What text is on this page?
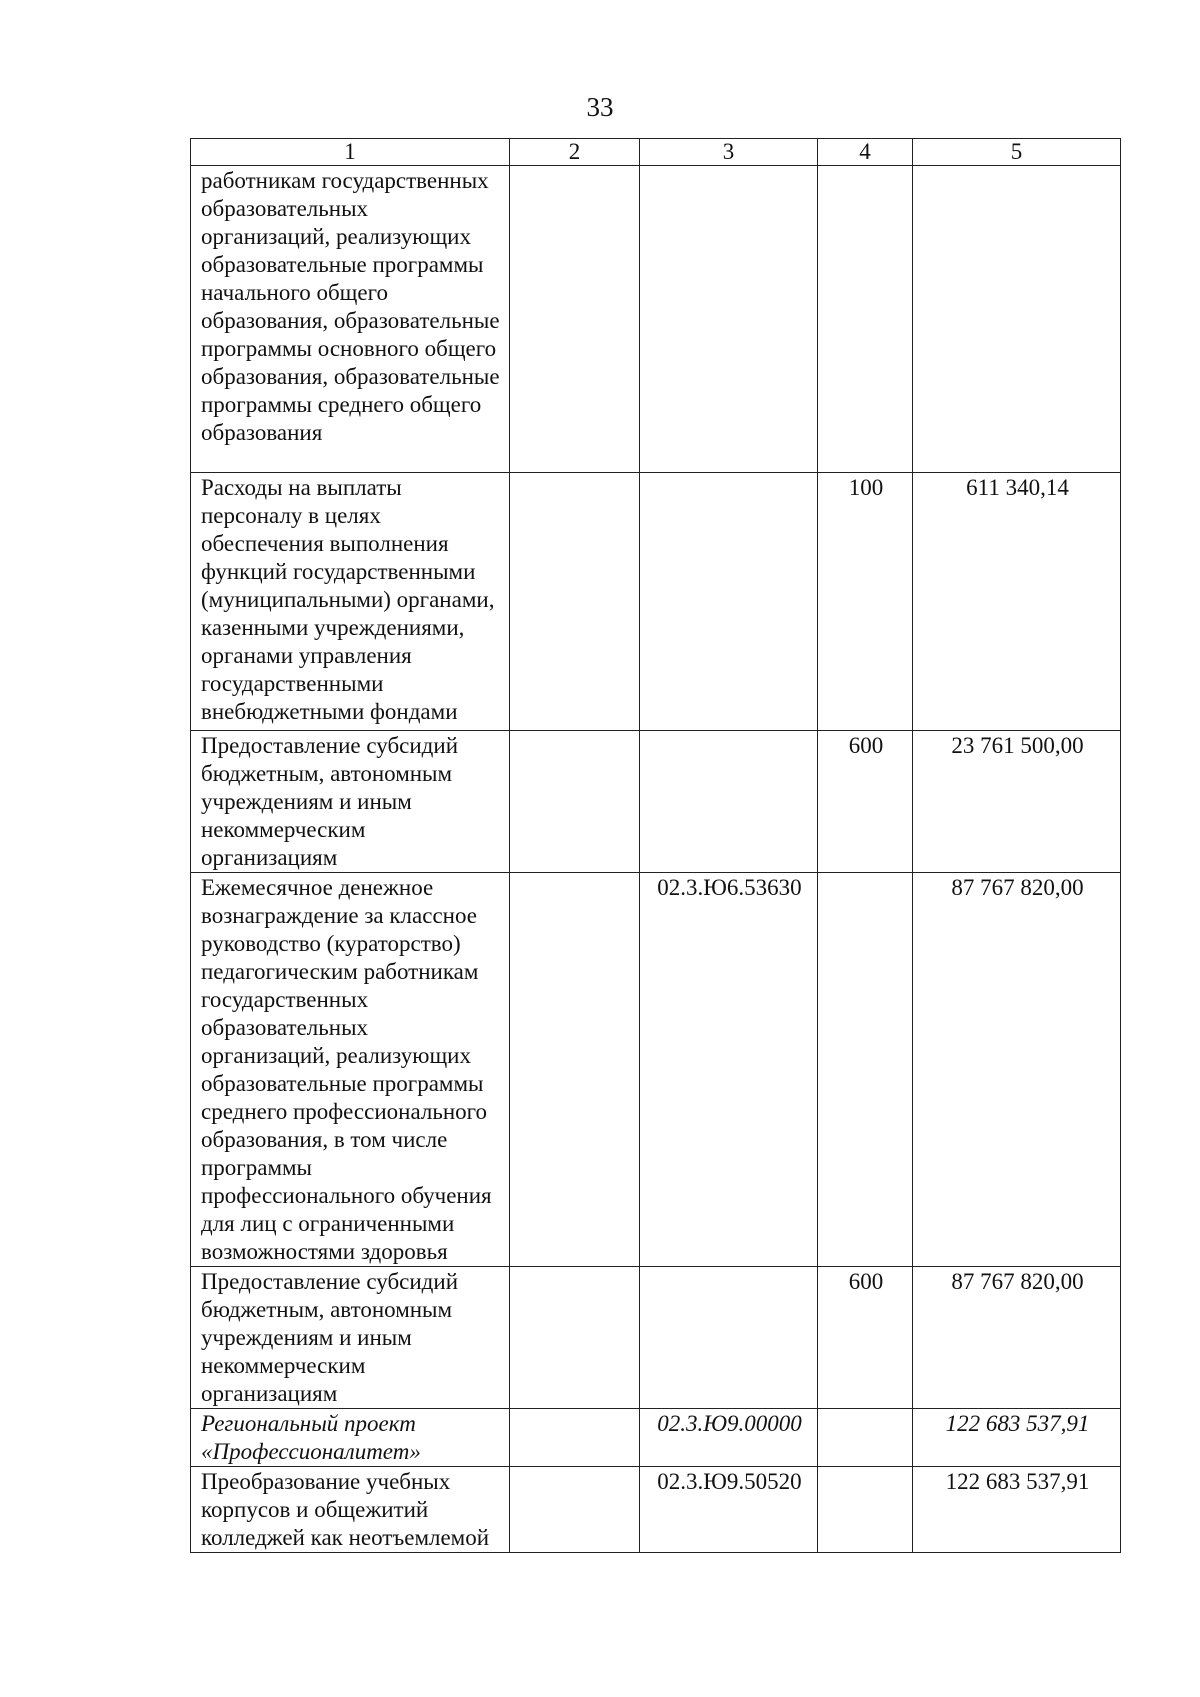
33
1	2	3	4	5
работникам государственных образовательных организаций, реализующих образовательные программы начального общего образования, образовательные программы основного общего образования, образовательные программы среднего общего образования				
Расходы на выплаты персоналу в целях обеспечения выполнения функций государственными (муниципальными) органами, казенными учреждениями, органами управления государственными внебюджетными фондами			100	611 340,14
Предоставление субсидий бюджетным, автономным учреждениям и иным некоммерческим организациям			600	23 761 500,00
Ежемесячное денежное вознаграждение за классное руководство (кураторство) педагогическим работникам государственных образовательных организаций, реализующих образовательные программы среднего профессионального образования, в том числе программы профессионального обучения для лиц с ограниченными возможностями здоровья		02.3.Ю6.53630		87 767 820,00
Предоставление субсидий бюджетным, автономным учреждениям и иным некоммерческим организациям			600	87 767 820,00
Региональный проект «Профессионалитет»		02.3.Ю9.00000		122 683 537,91
Преобразование учебных корпусов и общежитий колледжей как неотъемлемой		02.3.Ю9.50520		122 683 537,91
